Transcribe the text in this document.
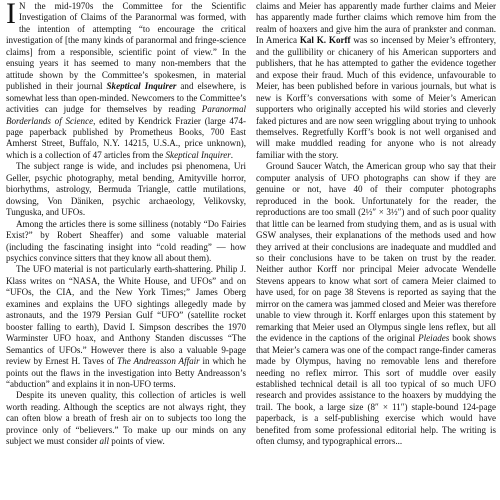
I N the mid-1970s the Committee for the Scientific Investigation of Claims of the Paranormal was formed, with the intention of attempting “to encourage the critical investigation of [the many kinds of paranormal and fringe-science claims] from a responsible, scientific point of view.” In the ensuing years it has seemed to many non-members that the attitude shown by the Committee’s spokesmen, in material published in their journal Skeptical Inquirer and elsewhere, is somewhat less than open-minded. Newcomers to the Committee’s activities can judge for themselves by reading Paranormal Borderlands of Science, edited by Kendrick Frazier (large 474-page paperback published by Prometheus Books, 700 East Amherst Street, Buffalo, N.Y. 14215, U.S.A., price unknown), which is a collection of 47 articles from the Skeptical Inquirer.

The subject range is wide, and includes psi phenomena, Uri Geller, psychic photography, metal bending, Amityville horror, biorhythms, astrology, Bermuda Triangle, cattle mutilations, dowsing, Von Däniken, psychic archaeology, Velikovsky, Tunguska, and UFOs.

Among the articles there is some silliness (notably “Do Fairies Exist?” by Robert Sheaffer) and some valuable material (including the fascinating insight into “cold reading” — how psychics convince sitters that they know all about them).

The UFO material is not particularly earth-shattering. Philip J. Klass writes on “NASA, the White House, and UFOs” and on “UFOs, the CIA, and the New York Times;” James Oberg examines and explains the UFO sightings allegedly made by astronauts, and the 1979 Persian Gulf “UFO” (satellite rocket booster falling to earth), David I. Simpson describes the 1970 Warminster UFO hoax, and Anthony Standen discusses “The Semantics of UFOs.” However there is also a valuable 9-page review by Ernest H. Taves of The Andreasson Affair in which he points out the flaws in the investigation into Betty Andreasson’s “abduction” and explains it in non-UFO terms.

Despite its uneven quality, this collection of articles is well worth reading. Although the sceptics are not always right, they can often blow a breath of fresh air on to subjects too long the province only of “believers.” To make up our minds on any subject we must consider all points of view.

claims and Meier has apparently made further claims and Meier has apparently made further claims which remove him from the realm of hoaxers and give him the aura of prankster and conman. In America Kal K. Korff was so incensed by Meier’s effrontery, and the gullibility or chicanery of his American supporters and publishers, that he has attempted to gather the evidence together and expose their fraud. Much of this evidence, unfavourable to Meier, has been published before in various journals, but what is new is Korff’s conversations with some of Meier’s American supporters who originally accepted his wild stories and cleverly faked pictures and are now seen wriggling about trying to unhook themselves. Regretfully Korff’s book is not well organised and will make muddled reading for anyone who is not already familiar with the story.

Ground Saucer Watch, the American group who say that their computer analysis of UFO photographs can show if they are genuine or not, have 40 of their computer photographs reproduced in the book. Unfortunately for the reader, the reproductions are too small (2½″ × 3½″) and of such poor quality that little can be learned from studying them, and as is usual with GSW analyses, their explanations of the methods used and how they arrived at their conclusions are inadequate and muddled and so their conclusions have to be taken on trust by the reader. Neither author Korff nor principal Meier advocate Wendelle Stevens appears to know what sort of camera Meier claimed to have used, for on page 38 Stevens is reported as saying that the mirror on the camera was jammed closed and Meier was therefore unable to view through it. Korff enlarges upon this statement by remarking that Meier used an Olympus single lens reflex, but all the evidence in the captions of the original Pleiades book shows that Meier’s camera was one of the compact range-finder cameras made by Olympus, having no removable lens and therefore needing no reflex mirror. This sort of muddle over easily established technical detail is all too typical of so much UFO research and provides assistance to the hoaxers by muddying the trail. The book, a large size (8″ × 11″) staple-bound 124-page paperback, is a self-publishing exercise which would have benefited from some professional editorial help. The writing is often clumsy, and typographical errors...
